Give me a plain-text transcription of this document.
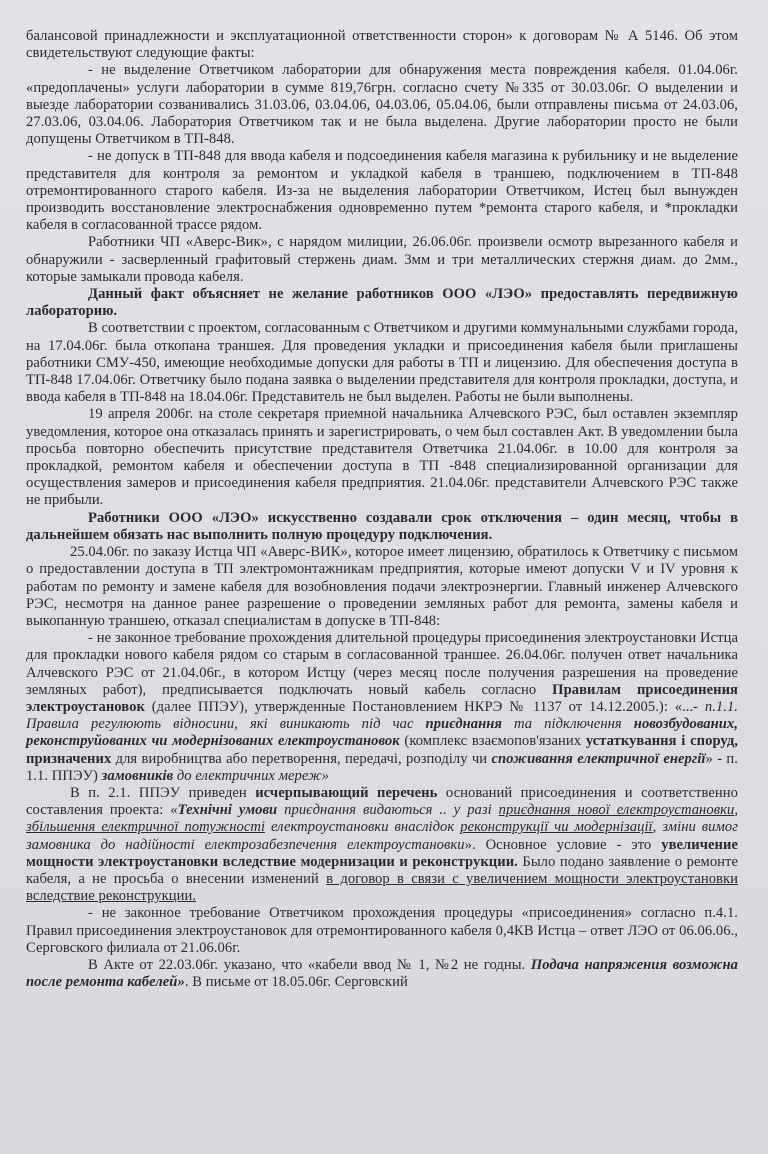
балансовой принадлежности и эксплуатационной ответственности сторон» к договорам № А 5146. Об этом свидетельствуют следующие факты:

- не выделение Ответчиком лаборатории для обнаружения места повреждения кабеля. 01.04.06г. «предоплачены» услуги лаборатории в сумме 819,76грн. согласно счету №335 от 30.03.06г. О выделении и выезде лаборатории созванивались 31.03.06, 03.04.06, 04.03.06, 05.04.06, были отправлены письма от 24.03.06, 27.03.06, 03.04.06. Лаборатория Ответчиком так и не была выделена. Другие лаборатории просто не были допущены Ответчиком в ТП-848.

- не допуск в ТП-848 для ввода кабеля и подсоединения кабеля магазина к рубильнику и не выделение представителя для контроля за ремонтом и укладкой кабеля в траншею, подключением в ТП-848 отремонтированного старого кабеля. Из-за не выделения лаборатории Ответчиком, Истец был вынужден производить восстановление электроснабжения одновременно путем *ремонта старого кабеля, и *прокладки кабеля в согласованной трассе рядом.

Работники ЧП «Аверс-Вик», с нарядом милиции, 26.06.06г. произвели осмотр вырезанного кабеля и обнаружили - засверленный графитовый стержень диам. 3мм и три металлических стержня диам. до 2мм., которые замыкали провода кабеля.

Данный факт объясняет не желание работников ООО «ЛЭО» предоставлять передвижную лабораторию.

В соответствии с проектом, согласованным с Ответчиком и другими коммунальными службами города, на 17.04.06г. была откопана траншея. Для проведения укладки и присоединения кабеля были приглашены работники СМУ-450, имеющие необходимые допуски для работы в ТП и лицензию. Для обеспечения доступа в ТП-848 17.04.06г. Ответчику было подана заявка о выделении представителя для контроля прокладки, доступа, и ввода кабеля в ТП-848 на 18.04.06г. Представитель не был выделен. Работы не были выполнены.

19 апреля 2006г. на столе секретаря приемной начальника Алчевского РЭС, был оставлен экземпляр уведомления, которое она отказалась принять и зарегистрировать, о чем был составлен Акт. В уведомлении была просьба повторно обеспечить присутствие представителя Ответчика 21.04.06г. в 10.00 для контроля за прокладкой, ремонтом кабеля и обеспечении доступа в ТП -848 специализированной организации для осуществления замеров и присоединения кабеля предприятия. 21.04.06г. представители Алчевского РЭС также не прибыли.

Работники ООО «ЛЭО» искусственно создавали срок отключения – один месяц, чтобы в дальнейшем обязать нас выполнить полную процедуру подключения.

25.04.06г. по заказу Истца ЧП «Аверс-ВИК», которое имеет лицензию, обратилось к Ответчику с письмом о предоставлении доступа в ТП электромонтажникам предприятия, которые имеют допуски V и IV уровня к работам по ремонту и замене кабеля для возобновления подачи электроэнергии. Главный инженер Алчевского РЭС, несмотря на данное ранее разрешение о проведении земляных работ для ремонта, замены кабеля и выкопанную траншею, отказал специалистам в допуске в ТП-848:

- не законное требование прохождения длительной процедуры присоединения электроустановки Истца для прокладки нового кабеля рядом со старым в согласованной траншее. 26.04.06г. получен ответ начальника Алчевского РЭС от 21.04.06г., в котором Истцу (через месяц после получения разрешения на проведение земляных работ), предписывается подключать новый кабель согласно Правилам присоединения электроустановок (далее ППЭУ), утвержденные Постановлением НКРЭ № 1137 от 14.12.2005.): «...- п.1.1. Правила регулюють відносини, які виникають під час приєднання та підключення новозбудованих, реконструйованих чи модернізованих електроустановок (комплекс взаємопов'язаних устаткування і споруд, призначених для виробництва або перетворення, передачі, розподілу чи споживання електричної енергії» - п. 1.1. ППЭУ) замовників до електричних мереж»

В п. 2.1. ППЭУ приведен исчерпывающий перечень оснований присоединения и соответственно составления проекта: «Технічні умови приєднання видаються .. у разі приєднання нової електроустановки, збільшення електричної потужності електроустановки внаслідок реконструкції чи модернізації, зміни вимог замовника до надійності електрозабезпечення електроустановки». Основное условие - это увеличение мощности электроустановки вследствие модернизации и реконструкции. Было подано заявление о ремонте кабеля, а не просьба о внесении изменений в договор в связи с увеличением мощности электроустановки вследствие реконструкции.

- не законное требование Ответчиком прохождения процедуры «присоединения» согласно п.4.1. Правил присоединения электроустановок для отремонтированного кабеля 0,4КВ Истца – ответ ЛЭО от 06.06.06., Серговского филиала от 21.06.06г.

В Акте от 22.03.06г. указано, что «кабели ввод № 1, №2 не годны. Подача напряжения возможна после ремонта кабелей». В письме от 18.05.06г. Серговский
